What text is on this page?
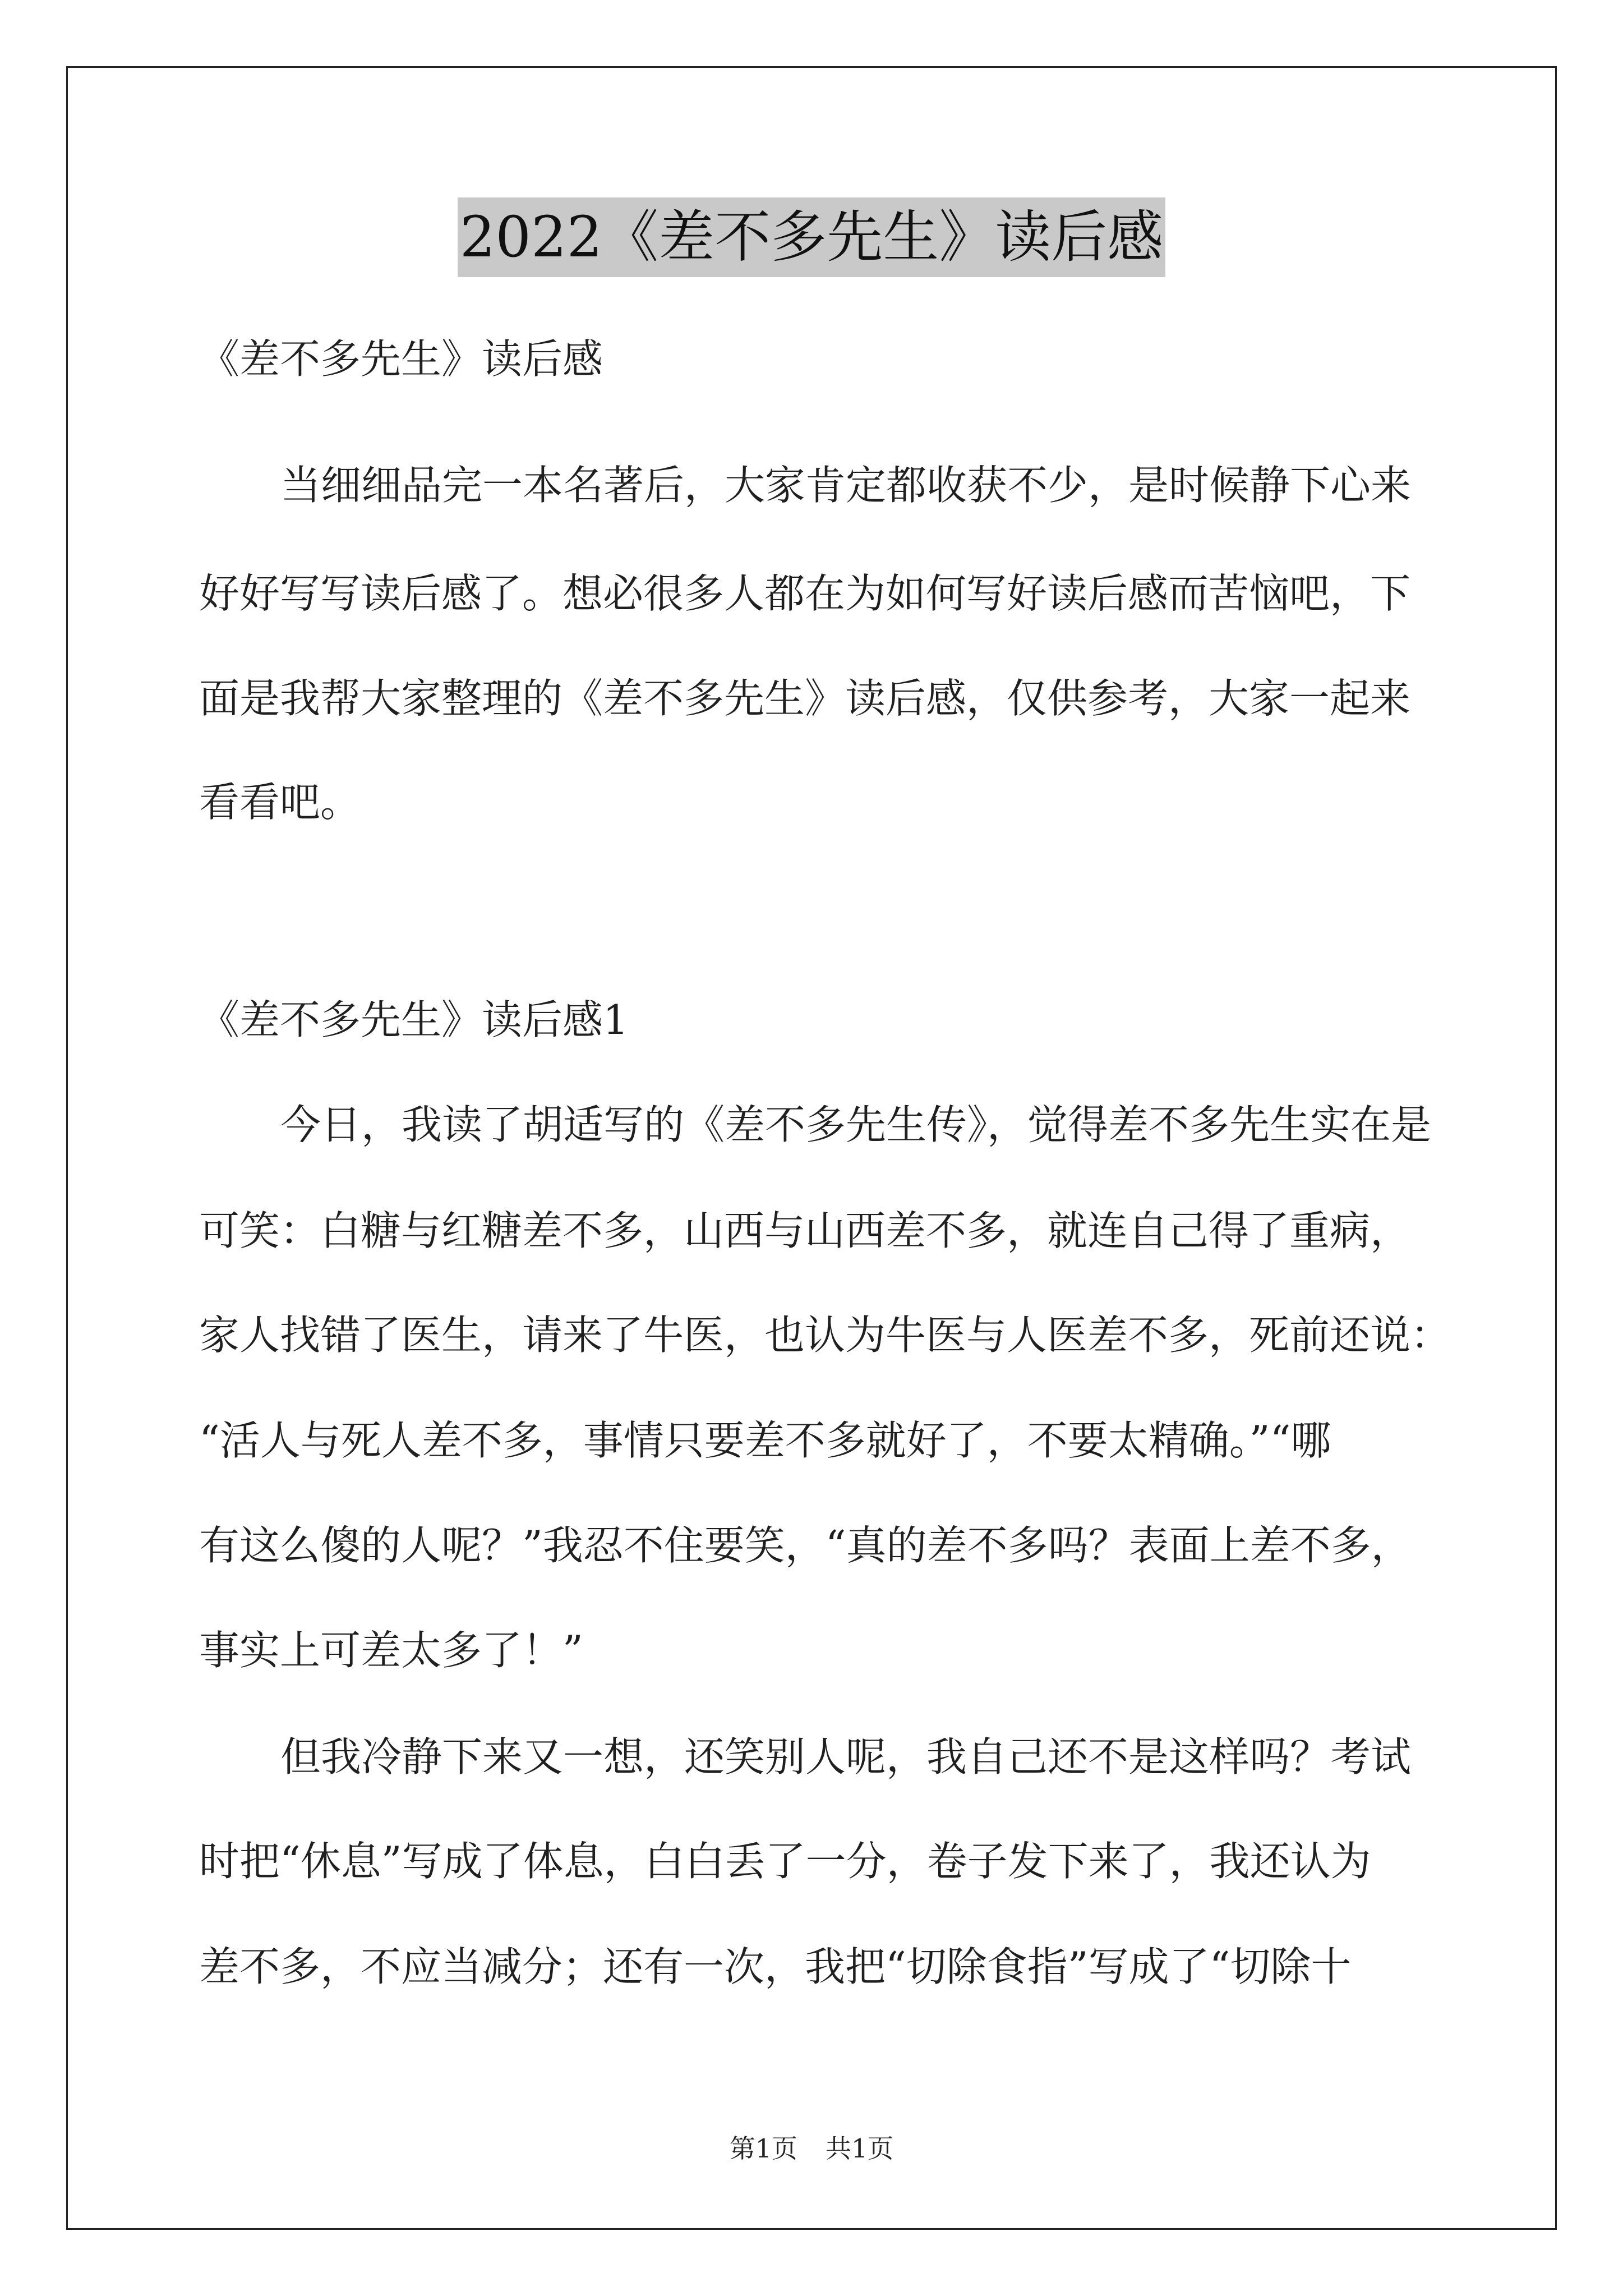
2022《差不多先生》读后感
《差不多先生》读后感
当细细品完一本名著后，大家肯定都收获不少，是时候静下心来
好好写写读后感了。想必很多人都在为如何写好读后感而苦恼吧，下
面是我帮大家整理的《差不多先生》读后感，仅供参考，大家一起来
看看吧。
《差不多先生》读后感1
今日，我读了胡适写的《差不多先生传》，觉得差不多先生实在是
可笑：白糖与红糖差不多，山西与山西差不多，就连自己得了重病，
家人找错了医生，请来了牛医，也认为牛医与人医差不多，死前还说：
“活人与死人差不多，事情只要差不多就好了，不要太精确。”“哪
有这么傻的人呢？”我忍不住要笑，“真的差不多吗？表面上差不多，
事实上可差太多了！”
但我冷静下来又一想，还笑别人呢，我自己还不是这样吗？考试
时把“休息”写成了体息，白白丢了一分，卷子发下来了，我还认为
差不多，不应当减分；还有一次，我把“切除食指”写成了“切除十
第1页 共1页
